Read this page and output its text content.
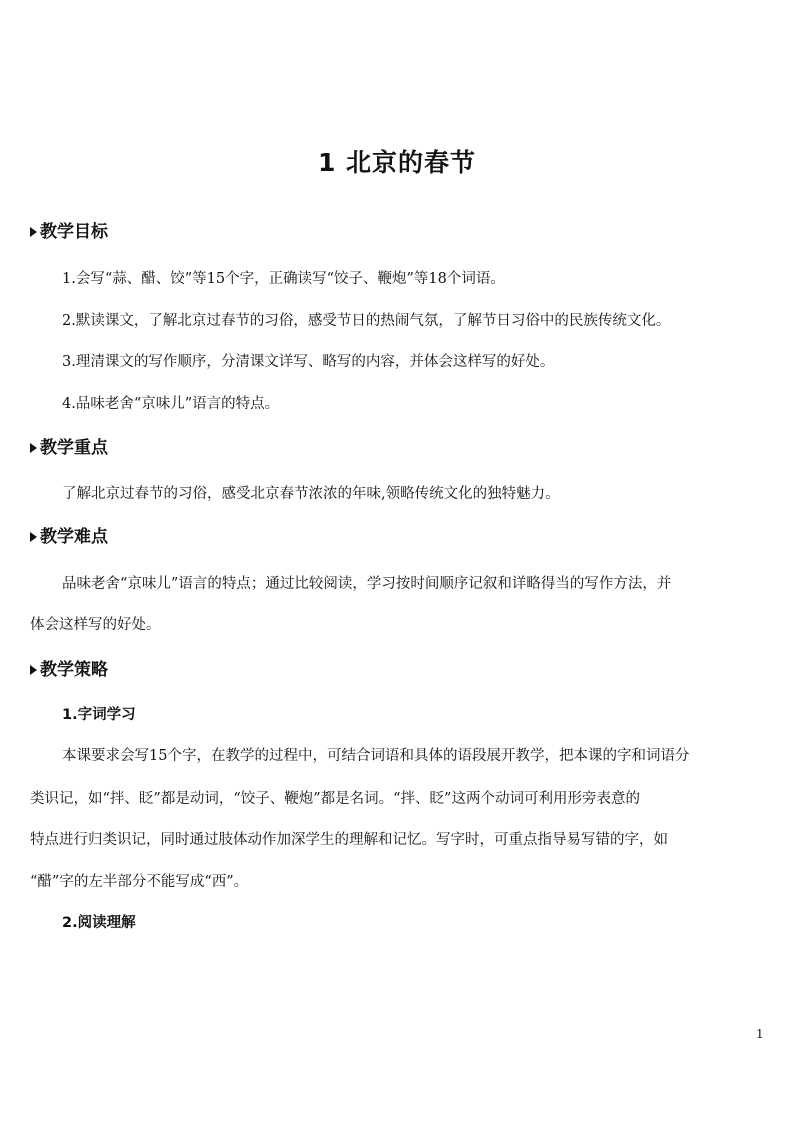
1 北京的春节
教学目标

1.会写“蒜、醋、饺”等15个字，正确读写“饺子、鞭炮”等18个词语。

2.默读课文，了解北京过春节的习俗，感受节日的热闹气氛，了解节日习俗中的民族传统文化。

3.理清课文的写作顺序，分清课文详写、略写的内容，并体会这样写的好处。

4.品味老舍“京味儿”语言的特点。

教学重点

了解北京过春节的习俗，感受北京春节浓浓的年味,领略传统文化的独特魅力。

教学难点

品味老舍“京味儿”语言的特点；通过比较阅读，学习按时间顺序记叙和详略得当的写作方法，并

体会这样写的好处。

教学策略
1.字词学习

本课要求会写15个字，在教学的过程中，可结合词语和具体的语段展开教学，把本课的字和词语分

类识记，如“拌、眨”都是动词，“饺子、鞭炮”都是名词。“拌、眨”这两个动词可利用形旁表意的

特点进行归类识记，同时通过肢体动作加深学生的理解和记忆。写字时，可重点指导易写错的字，如

“醋”字的左半部分不能写成“西”。

2.阅读理解
1
